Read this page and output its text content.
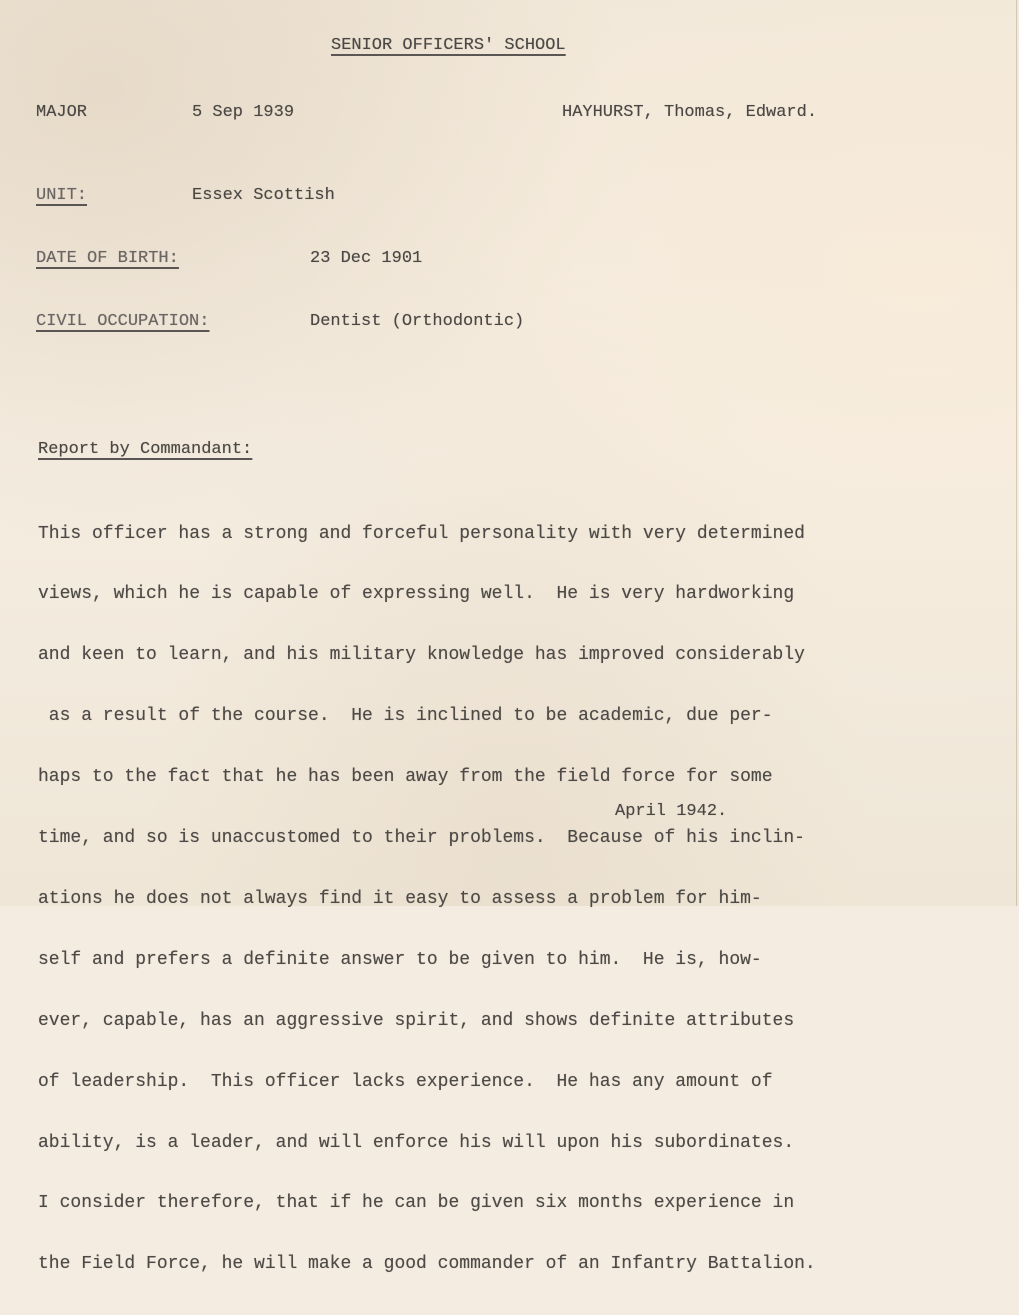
SENIOR OFFICERS' SCHOOL
MAJOR	5 Sep 1939	HAYHURST, Thomas, Edward.
UNIT:	Essex Scottish
DATE OF BIRTH:	23 Dec 1901
CIVIL OCCUPATION:	Dentist (Orthodontic)
Report by Commandant:

This officer has a strong and forceful personality with very determined

views, which he is capable of expressing well.  He is very hardworking

and keen to learn, and his military knowledge has improved considerably

as a result of the course.  He is inclined to be academic, due per-

haps to the fact that he has been away from the field force for some

time, and so is unaccustomed to their problems.  Because of his inclin-

ations he does not always find it easy to assess a problem for him-

self and prefers a definite answer to be given to him.  He is, how-

ever, capable, has an aggressive spirit, and shows definite attributes

of leadership.  This officer lacks experience.  He has any amount of

ability, is a leader, and will enforce his will upon his subordinates.

I consider therefore, that if he can be given six months experience in

the Field Force, he will make a good commander of an Infantry Battalion.

April 1942.
